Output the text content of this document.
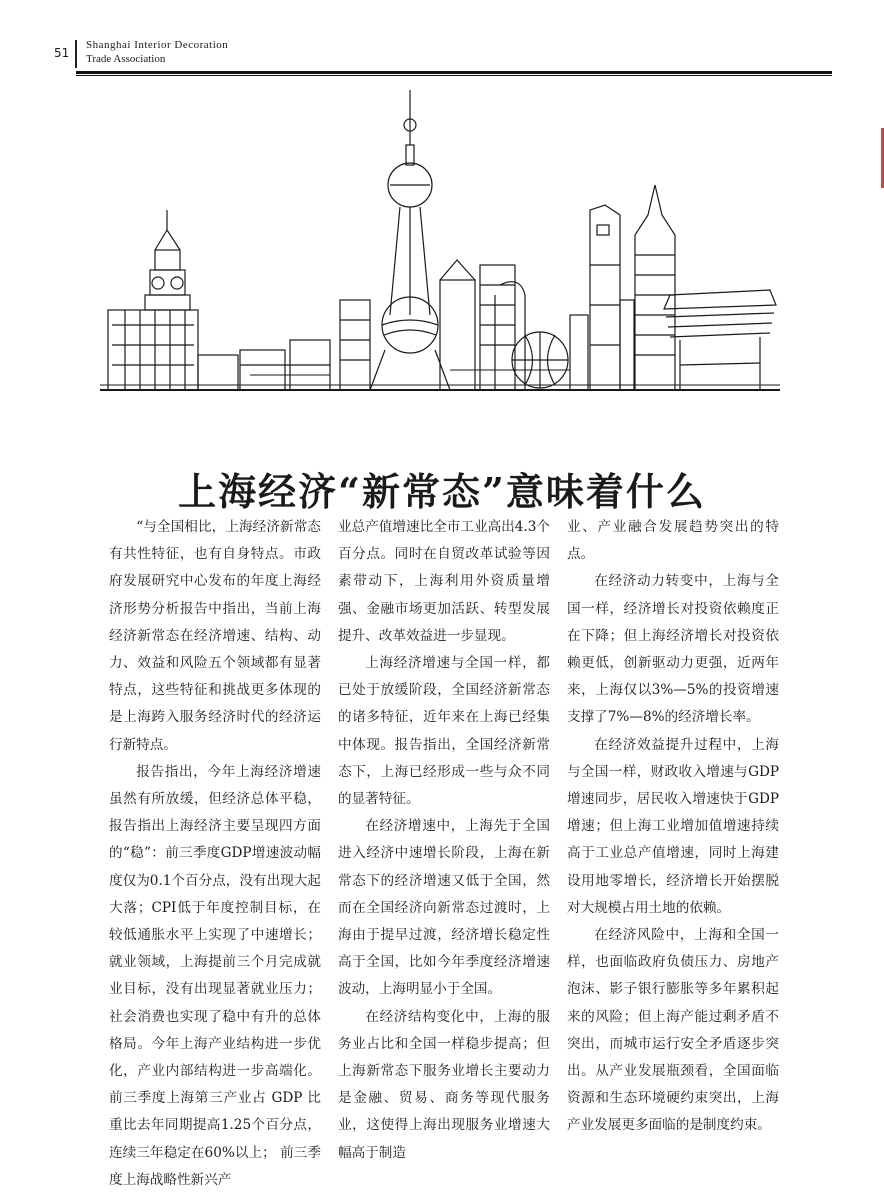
51
Shanghai Interior Decoration
Trade Association
上海经济“新常态”意味着什么

“与全国相比，上海经济新常态有共性特征，也有自身特点。市政府发展研究中心发布的年度上海经济形势分析报告中指出，当前上海经济新常态在经济增速、结构、动力、效益和风险五个领域都有显著特点，这些特征和挑战更多体现的是上海跨入服务经济时代的经济运行新特点。

报告指出，今年上海经济增速虽然有所放缓，但经济总体平稳，报告指出上海经济主要呈现四方面的“稳”：前三季度GDP增速波动幅度仅为0.1个百分点，没有出现大起大落；CPI低于年度控制目标，在较低通胀水平上实现了中速增长；就业领域，上海提前三个月完成就业目标，没有出现显著就业压力；社会消费也实现了稳中有升的总体格局。今年上海产业结构进一步优化，产业内部结构进一步高端化。前三季度上海第三产业占 GDP 比重比去年同期提高1.25个百分点，连续三年稳定在60%以上； 前三季度上海战略性新兴产

业总产值增速比全市工业高出4.3个百分点。同时在自贸改革试验等因素带动下，上海利用外资质量增强、金融市场更加活跃、转型发展提升、改革效益进一步显现。

上海经济增速与全国一样，都已处于放缓阶段，全国经济新常态的诸多特征，近年来在上海已经集中体现。报告指出，全国经济新常态下，上海已经形成一些与众不同的显著特征。

在经济增速中，上海先于全国进入经济中速增长阶段，上海在新常态下的经济增速又低于全国，然而在全国经济向新常态过渡时，上海由于提早过渡，经济增长稳定性高于全国，比如今年季度经济增速波动，上海明显小于全国。

在经济结构变化中，上海的服务业占比和全国一样稳步提高；但上海新常态下服务业增长主要动力是金融、贸易、商务等现代服务业，这使得上海出现服务业增速大幅高于制造

业、产业融合发展趋势突出的特点。

在经济动力转变中，上海与全国一样，经济增长对投资依赖度正在下降；但上海经济增长对投资依赖更低，创新驱动力更强，近两年来，上海仅以3%—5%的投资增速支撑了7%—8%的经济增长率。

在经济效益提升过程中，上海与全国一样，财政收入增速与GDP增速同步，居民收入增速快于GDP增速；但上海工业增加值增速持续高于工业总产值增速，同时上海建设用地零增长，经济增长开始摆脱对大规模占用土地的依赖。

在经济风险中，上海和全国一样，也面临政府负债压力、房地产泡沫、影子银行膨胀等多年累积起来的风险；但上海产能过剩矛盾不突出，而城市运行安全矛盾逐步突出。从产业发展瓶颈看，全国面临资源和生态环境硬约束突出，上海产业发展更多面临的是制度约束。
